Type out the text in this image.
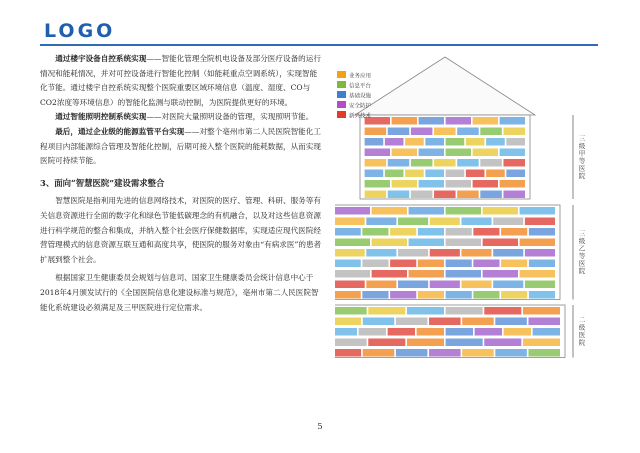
LOGO

通过楼宇设备自控系统实现——智能化管理全院机电设备及部分医疗设备的运行情况和能耗情况，并对可控设备进行智能化控制（如能耗重点空调系统），实现智能化节能。通过楼宇自控系统实现整个医院重要区域环境信息（温度、湿度、CO与CO2浓度等环境信息）的智能化监测与联动控制，为医院提供更好的环境。

通过智能照明控制系统实现——对医院大量照明设备的管理，实现照明节能。

最后，通过企业级的能源监管平台实现——对整个亳州市第二人民医院智能化工程项目内部能源综合管理及智能化控制，后期可接入整个医院的能耗数据，从而实现医院可持续节能。

3、面向“智慧医院”建设需求整合

智慧医院是指利用先进的信息网络技术，对医院的医疗、管理、科研、服务等有关信息资源进行全面的数字化和绿色节能低碳理念的有机融合，以及对这些信息资源进行科学规范的整合和集成，并纳入整个社会医疗保健数据库，实现适应现代医院经营管理模式的信息资源互联互通和高度共享，使医院的服务对象由“有病求医”的患者扩展到整个社会。

根据国家卫生健康委员会规划与信息司、国家卫生健康委员会统计信息中心于2018年4月颁发试行的《全国医院信息化建设标准与规范》，亳州市第二人民医院智能化系统建设必须满足及三甲医院进行定位需求。

业务应用
信息平台
基础设施
安全防护
新兴技术
三级甲等医院
三级乙等医院
二级医院
5
